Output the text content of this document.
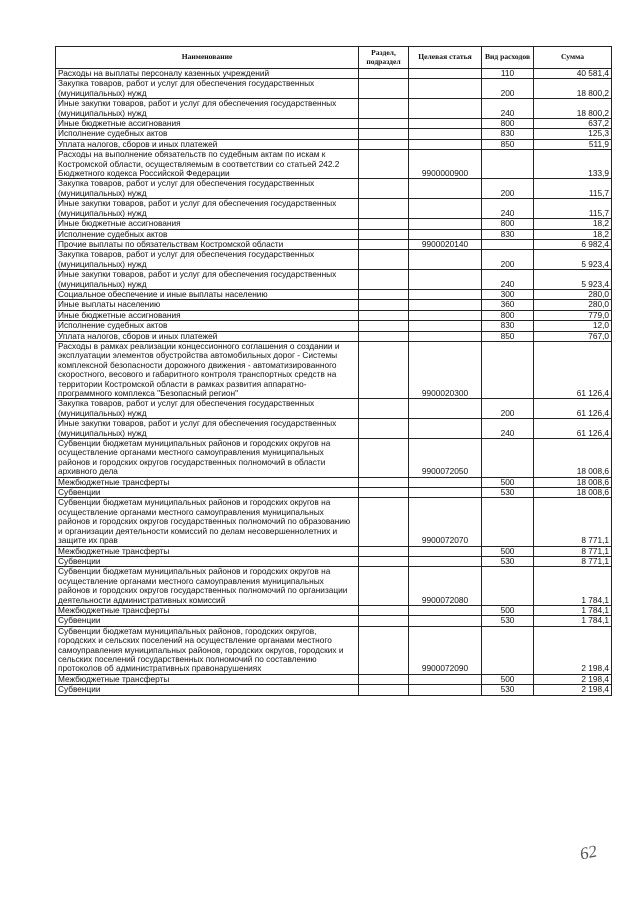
Наименование	Раздел, подраздел	Целевая статья	Вид расходов	Сумма
Расходы на выплаты персоналу казенных учреждений			110	40 581,4
Закупка товаров, работ и услуг для обеспечения государственных (муниципальных) нужд			200	18 800,2
Иные закупки товаров, работ и услуг для обеспечения государственных (муниципальных) нужд			240	18 800,2
Иные бюджетные ассигнования			800	637,2
Исполнение судебных актов			830	125,3
Уплата налогов, сборов и иных платежей			850	511,9
Расходы на выполнение обязательств по судебным актам по искам к Костромской области, осуществляемым в соответствии со статьей 242.2 Бюджетного кодекса Российской Федерации		9900000900		133,9
Закупка товаров, работ и услуг для обеспечения государственных (муниципальных) нужд			200	115,7
Иные закупки товаров, работ и услуг для обеспечения государственных (муниципальных) нужд			240	115,7
Иные бюджетные ассигнования			800	18,2
Исполнение судебных актов			830	18,2
Прочие выплаты по обязательствам Костромской области		9900020140		6 982,4
Закупка товаров, работ и услуг для обеспечения государственных (муниципальных) нужд			200	5 923,4
Иные закупки товаров, работ и услуг для обеспечения государственных (муниципальных) нужд			240	5 923,4
Социальное обеспечение и иные выплаты населению			300	280,0
Иные выплаты населению			360	280,0
Иные бюджетные ассигнования			800	779,0
Исполнение судебных актов			830	12,0
Уплата налогов, сборов и иных платежей			850	767,0
Расходы в рамках реализации концессионного соглашения о создании и эксплуатации элементов обустройства автомобильных дорог - Системы комплексной безопасности дорожного движения - автоматизированного скоростного, весового и габаритного контроля транспортных средств на территории Костромской области в рамках развития аппаратно-программного комплекса "Безопасный регион"		9900020300		61 126,4
Закупка товаров, работ и услуг для обеспечения государственных (муниципальных) нужд			200	61 126,4
Иные закупки товаров, работ и услуг для обеспечения государственных (муниципальных) нужд			240	61 126,4
Субвенции бюджетам муниципальных районов и городских округов на осуществление органами местного самоуправления муниципальных районов и городских округов государственных полномочий в области архивного дела		9900072050		18 008,6
Межбюджетные трансферты			500	18 008,6
Субвенции			530	18 008,6
Субвенции бюджетам муниципальных районов и городских округов на осуществление органами местного самоуправления муниципальных районов и городских округов государственных полномочий по образованию и организации деятельности комиссий по делам несовершеннолетних и защите их прав		9900072070		8 771,1
Межбюджетные трансферты			500	8 771,1
Субвенции			530	8 771,1
Субвенции бюджетам муниципальных районов и городских округов на осуществление органами местного самоуправления муниципальных районов и городских округов государственных полномочий по организации деятельности административных комиссий		9900072080		1 784,1
Межбюджетные трансферты			500	1 784,1
Субвенции			530	1 784,1
Субвенции бюджетам муниципальных районов, городских округов, городских и сельских поселений на осуществление органами местного самоуправления муниципальных районов, городских округов, городских и сельских поселений государственных полномочий по составлению протоколов об административных правонарушениях		9900072090		2 198,4
Межбюджетные трансферты			500	2 198,4
Субвенции			530	2 198,4
62
